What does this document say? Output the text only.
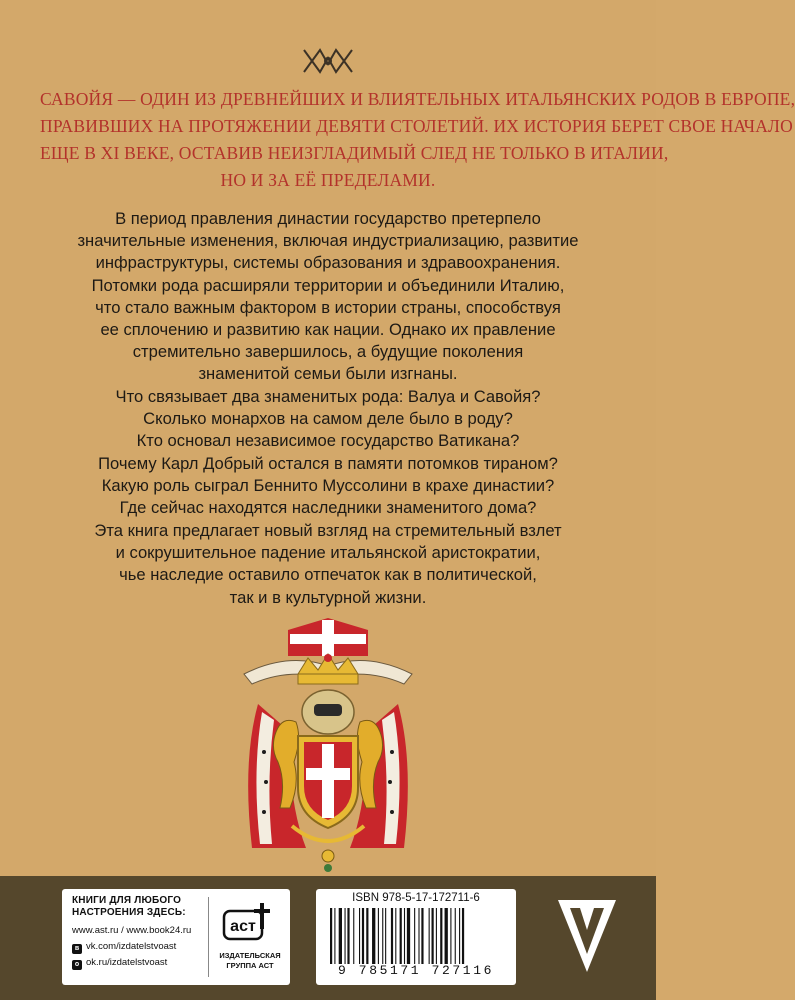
САВОЙЯ — ОДИН ИЗ ДРЕВНЕЙШИХ И ВЛИЯТЕЛЬНЫХ ИТАЛЬЯНСКИХ РОДОВ В ЕВРОПЕ,
ПРАВИВШИХ НА ПРОТЯЖЕНИИ ДЕВЯТИ СТОЛЕТИЙ. ИХ ИСТОРИЯ БЕРЕТ СВОЕ НАЧАЛО
ЕЩЕ В XI ВЕКЕ, ОСТАВИВ НЕИЗГЛАДИМЫЙ СЛЕД НЕ ТОЛЬКО В ИТАЛИИ,
НО И ЗА ЕЁ ПРЕДЕЛАМИ.
В период правления династии государство претерпело
значительные изменения, включая индустриализацию, развитие
инфраструктуры, системы образования и здравоохранения.
Потомки рода расширяли территории и объединили Италию,
что стало важным фактором в истории страны, способствуя
ее сплочению и развитию как нации. Однако их правление
стремительно завершилось, а будущие поколения
знаменитой семьи были изгнаны.
Что связывает два знаменитых рода: Валуа и Савойя?
Сколько монархов на самом деле было в роду?
Кто основал независимое государство Ватикана?
Почему Карл Добрый остался в памяти потомков тираном?
Какую роль сыграл Беннито Муссолини в крахе династии?
Где сейчас находятся наследники знаменитого дома?
Эта книга предлагает новый взгляд на стремительный взлет
и сокрушительное падение итальянской аристократии,
чье наследие оставило отпечаток как в политической,
так и в культурной жизни.
КНИГИ ДЛЯ ЛЮБОГО
НАСТРОЕНИЯ ЗДЕСЬ:
www.ast.ru / www.book24.ru
в vk.com/izdatelstvoast
о ok.ru/izdatelstvoast
аст
ИЗДАТЕЛЬСКАЯ
ГРУППА АСТ
ISBN 978-5-17-172711-6
9 785171 727116
